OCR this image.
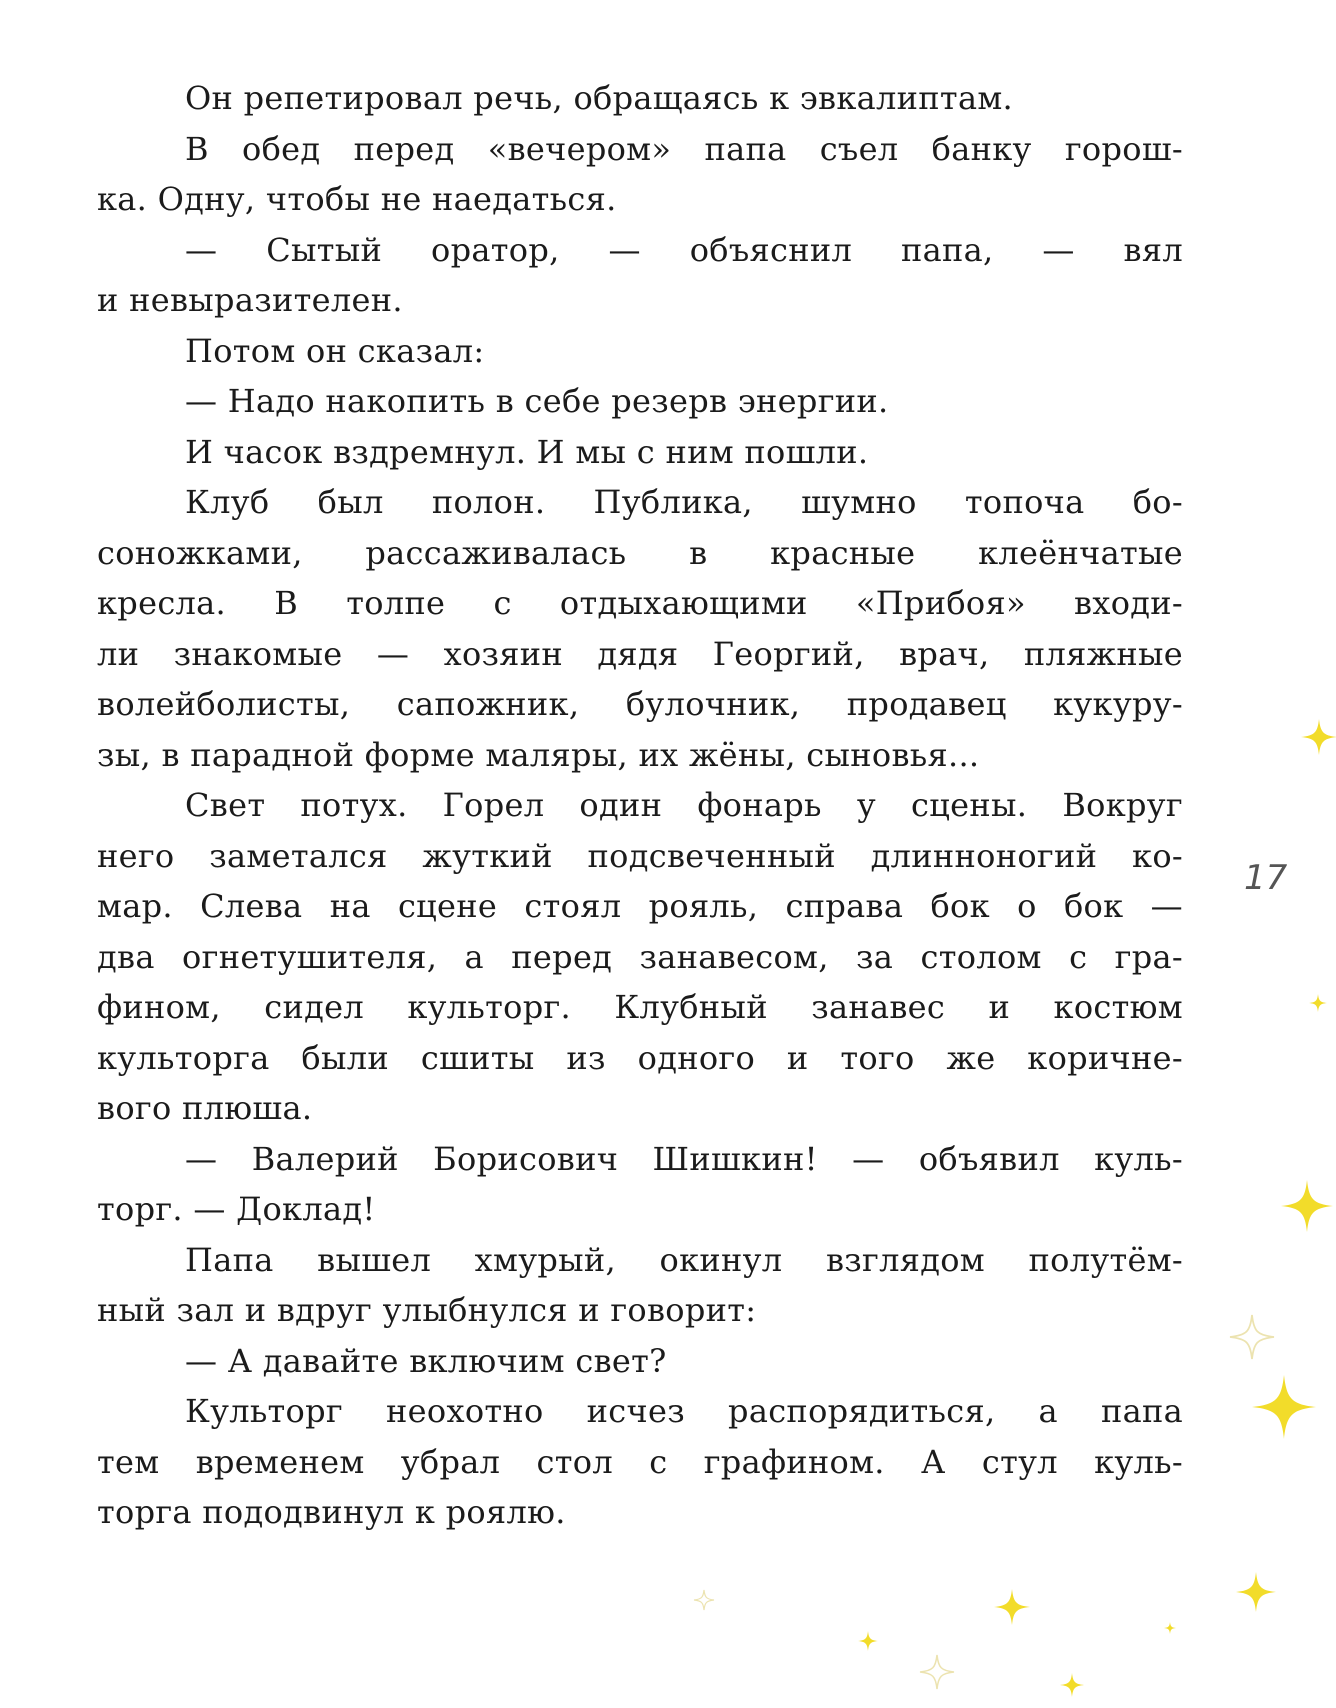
Он репетировал речь, обращаясь к эвкалиптам.
В обед перед «вечером» папа съел банку горош-
ка. Одну, чтобы не наедаться.
— Сытый оратор, — объяснил папа, — вял
и невыразителен.
Потом он сказал:
— Надо накопить в себе резерв энергии.
И часок вздремнул. И мы с ним пошли.
Клуб был полон. Публика, шумно топоча бо-
соножками, рассаживалась в красные клеёнчатые
кресла. В толпе с отдыхающими «Прибоя» входи-
ли знакомые — хозяин дядя Георгий, врач, пляжные
волейболисты, сапожник, булочник, продавец кукуру-
зы, в парадной форме маляры, их жёны, сыновья...
Свет потух. Горел один фонарь у сцены. Вокруг
него заметался жуткий подсвеченный длинноногий ко-
мар. Слева на сцене стоял рояль, справа бок о бок —
два огнетушителя, а перед занавесом, за столом с гра-
фином, сидел культорг. Клубный занавес и костюм
культорга были сшиты из одного и того же коричне-
вого плюша.
— Валерий Борисович Шишкин! — объявил куль-
торг. — Доклад!
Папа вышел хмурый, окинул взглядом полутём-
ный зал и вдруг улыбнулся и говорит:
— А давайте включим свет?
Культорг неохотно исчез распорядиться, а папа
тем временем убрал стол с графином. А стул куль-
торга пододвинул к роялю.
17
